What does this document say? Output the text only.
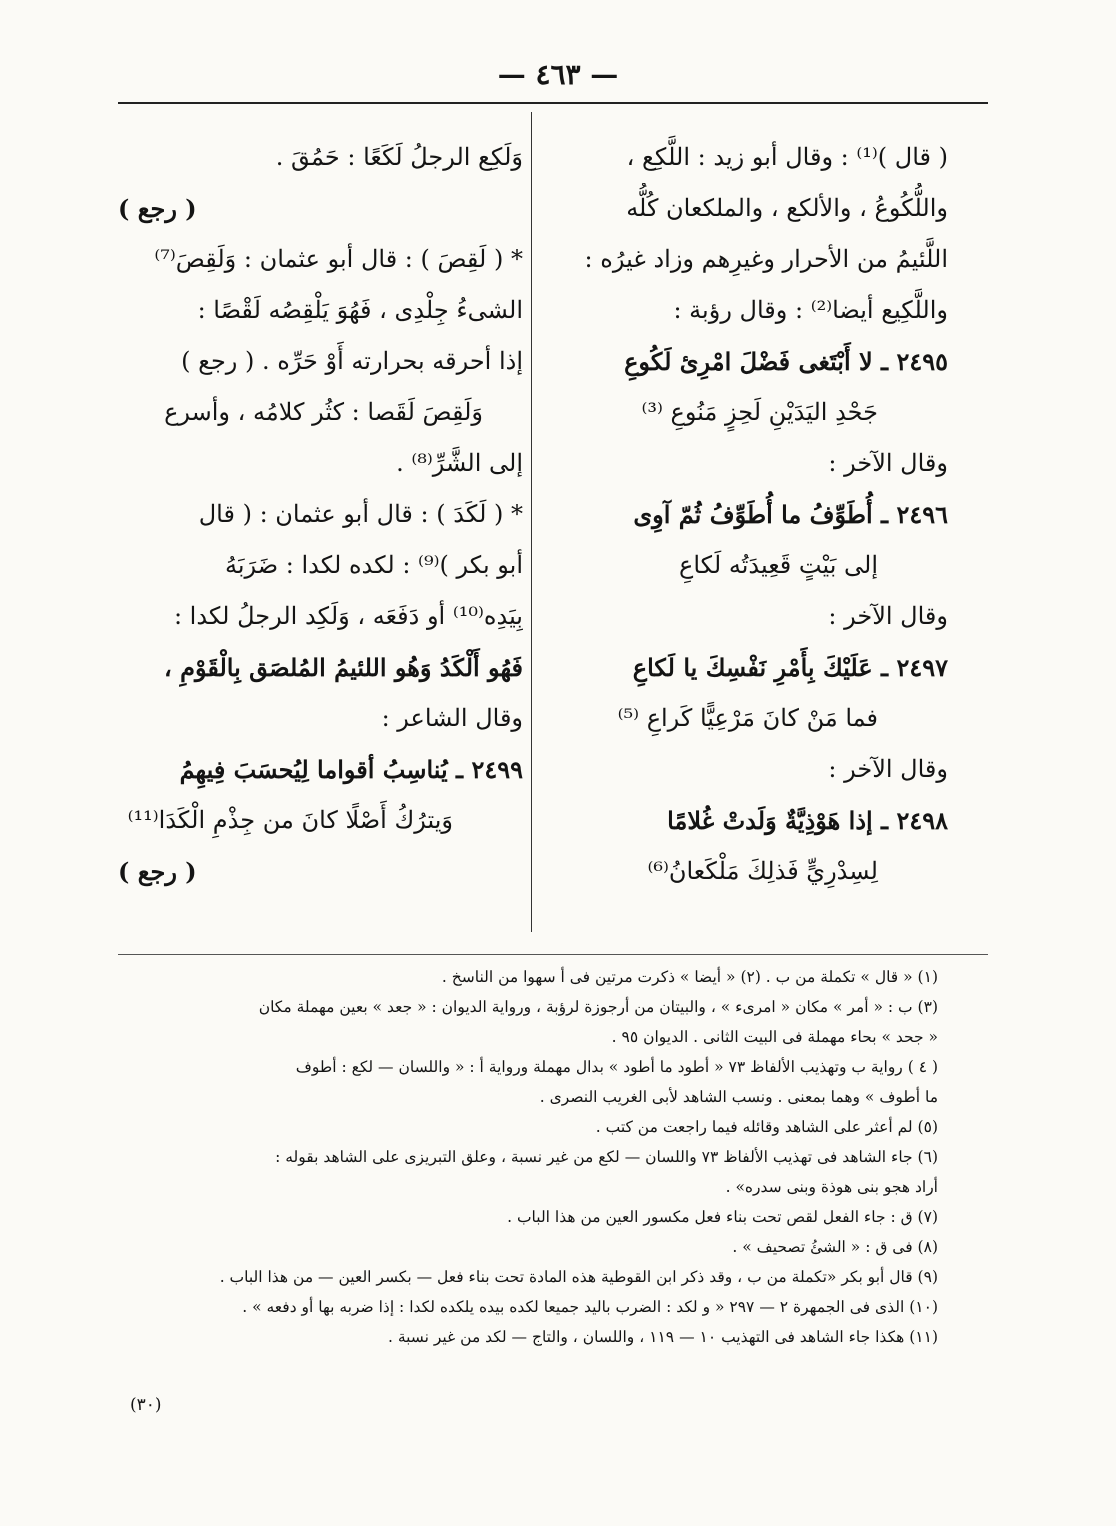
— ٤٦٣ —
( قال )⁽¹⁾ : وقال أبو زيد : اللَّكِع ،
واللُّكُوعُ ، والألكع ، والملكعان كُلُّه
اللَّئيمُ من الأحرار وغيرِهم وزاد غيرُه :
واللَّكِيع أيضا⁽²⁾ : وقال رؤبة :
٢٤٩٥ ـ لا أَبْتَغى فَضْلَ امْرِئ لَكُوعِ
جَحْدِ اليَدَيْنِ لَحِزٍ مَنُوعِ ⁽³⁾
وقال الآخر :
٢٤٩٦ ـ أُطَوِّفُ ما أُطَوِّفُ ثُمّ آوِى
إلى بَيْتٍ قَعِيدَتُه لَكاعِ
وقال الآخر :
٢٤٩٧ ـ عَلَيْكَ بِأَمْرِ نَفْسِكَ يا لَكاعِ
فما مَنْ كانَ مَرْعِيًّا كَراعِ ⁽⁵⁾
وقال الآخر :
٢٤٩٨ ـ إذا هَوْذِيَّةٌ وَلَدتْ غُلامًا
لِسِدْرِيٍّ فَذلِكَ مَلْكَعانُ⁽⁶⁾
وَلَكِع الرجلُ لَكَعًا : حَمُقَ .
( رجع )
* ( لَقِصَ ) : قال أبو عثمان : وَلَقِصَ⁽⁷⁾
الشىءُ جِلْدِى ، فَهُوَ يَلْقِصُه لَقْصًا :
إذا أحرقه بحرارته أَوْ حَرِّه . ( رجع )
وَلَقِصَ لَقَصا : كثُر كلامُه ، وأسرع
إلى الشَّرِّ⁽⁸⁾ .
* ( لَكَدَ ) : قال أبو عثمان : ( قال
أبو بكر )⁽⁹⁾ : لكده لكدا : ضَرَبَهُ
بِيَدِه⁽¹⁰⁾ أو دَفَعَه ، وَلَكِد الرجلُ لكدا :
فَهُو أَلْكَدُ وَهُو اللئيمُ المُلصَق بِالْقَوْمِ ،
وقال الشاعر :
٢٤٩٩ ـ يُناسِبُ أقواما لِيُحسَبَ فِيهِمُ
وَيترُكُ أَصْلًا كانَ من جِذْمِ الْكَدَا⁽¹¹⁾
( رجع )
(١) « قال » تكملة من ب . (٢) « أيضا » ذكرت مرتين فى أ سهوا من الناسخ .
(٣) ب : « أمر » مكان « امرىء » ، والبيتان من أرجوزة لرؤبة ، ورواية الديوان : « جعد » بعين مهملة مكان
« جحد » بحاء مهملة فى البيت الثانى . الديوان ٩٥ .
( ٤ ) رواية ب وتهذيب الألفاظ ٧٣ « أطود ما أطود » بدال مهملة ورواية أ : « واللسان — لكع : أطوف
ما أطوف » وهما بمعنى . ونسب الشاهد لأبى الغريب النصرى .
(٥) لم أعثر على الشاهد وقائله فيما راجعت من كتب .
(٦) جاء الشاهد فى تهذيب الألفاظ ٧٣ واللسان — لكع من غير نسبة ، وعلق التبريزى على الشاهد بقوله :
أراد هجو بنى هوذة وبنى سدره» .
(٧) ق : جاء الفعل لقص تحت بناء فعل مكسور العين من هذا الباب .
(٨) فى ق : « الشئُ تصحيف » .
(٩) قال أبو بكر «تكملة من ب ، وقد ذكر ابن القوطية هذه المادة تحت بناء فعل — بكسر العين — من هذا الباب .
(١٠) الذى فى الجمهرة ٢ — ٢٩٧ « و لكد : الضرب باليد جميعا لكده بيده يلكده لكدا : إذا ضربه بها أو دفعه » .
(١١) هكذا جاء الشاهد فى التهذيب ١٠ — ١١٩ ، واللسان ، والتاج — لكد من غير نسبة .
(٣٠)
